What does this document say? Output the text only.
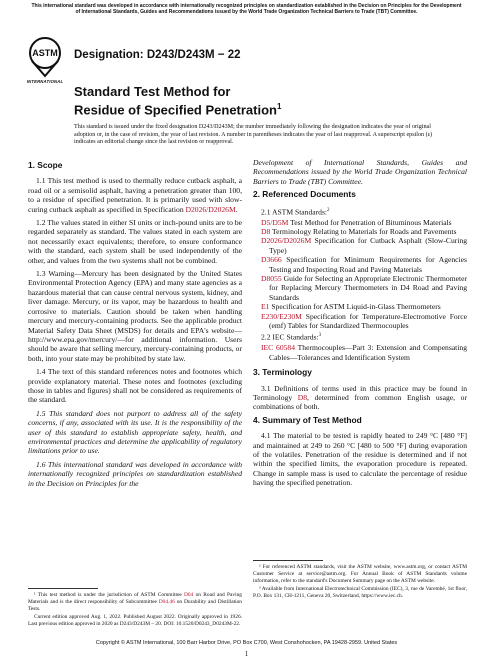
This international standard was developed in accordance with internationally recognized principles on standardization established in the Decision on Principles for the Development of International Standards, Guides and Recommendations issued by the World Trade Organization Technical Barriers to Trade (TBT) Committee.
ASTM
INTERNATIONAL
Designation: D243/D243M − 22
Standard Test Method for
Residue of Specified Penetration$^1$
This standard is issued under the fixed designation D243/D243M; the number immediately following the designation indicates the year of original adoption or, in the case of revision, the year of last revision. A number in parentheses indicates the year of last reapproval. A superscript epsilon (ε) indicates an editorial change since the last revision or reapproval.
1. Scope

1.1 This test method is used to thermally reduce cutback asphalt, a road oil or a semisolid asphalt, having a penetration greater than 100, to a residue of specified penetration. It is primarily used with slow-curing cutback asphalt as specified in Specification D2026/D2026M.

1.2 The values stated in either SI units or inch-pound units are to be regarded separately as standard. The values stated in each system are not necessarily exact equivalents; therefore, to ensure conformance with the standard, each system shall be used independently of the other, and values from the two systems shall not be combined.

1.3 Warning—Mercury has been designated by the United States Environmental Protection Agency (EPA) and many state agencies as a hazardous material that can cause central nervous system, kidney, and liver damage. Mercury, or its vapor, may be hazardous to health and corrosive to materials. Caution should be taken when handling mercury and mercury-containing products. See the applicable product Material Safety Data Sheet (MSDS) for details and EPA's website—http://www.epa.gov/mercury/—for additional information. Users should be aware that selling mercury, mercury-containing products, or both, into your state may be prohibited by state law.

1.4 The text of this standard references notes and footnotes which provide explanatory material. These notes and footnotes (excluding those in tables and figures) shall not be considered as requirements of the standard.

1.5 This standard does not purport to address all of the safety concerns, if any, associated with its use. It is the responsibility of the user of this standard to establish appropriate safety, health, and environmental practices and determine the applicability of regulatory limitations prior to use.

1.6 This international standard was developed in accordance with internationally recognized principles on standardization established in the Decision on Principles for the

Development of International Standards, Guides and Recommendations issued by the World Trade Organization Technical Barriers to Trade (TBT) Committee.

2. Referenced Documents

2.1 ASTM Standards:$^2$

D5/D5M Test Method for Penetration of Bituminous Materials
D8 Terminology Relating to Materials for Roads and Pavements
D2026/D2026M Specification for Cutback Asphalt (Slow-Curing Type)
D3666 Specification for Minimum Requirements for Agencies Testing and Inspecting Road and Paving Materials
D8055 Guide for Selecting an Appropriate Electronic Thermometer for Replacing Mercury Thermometers in D4 Road and Paving Standards
E1 Specification for ASTM Liquid-in-Glass Thermometers
E230/E230M Specification for Temperature-Electromotive Force (emf) Tables for Standardized Thermocouples

2.2 IEC Standards:$^3$

IEC 60584 Thermocouples—Part 3: Extension and Compensating Cables—Tolerances and Identification System
3. Terminology

3.1 Definitions of terms used in this practice may be found in Terminology D8, determined from common English usage, or combinations of both.

4. Summary of Test Method

4.1 The material to be tested is rapidly heated to 249 °C [480 °F] and maintained at 249 to 260 °C [480 to 500 °F] during evaporation of the volatiles. Penetration of the residue is determined and if not within the specified limits, the evaporation procedure is repeated. Change in sample mass is used to calculate the percentage of residue having the specified penetration.

¹ This test method is under the jurisdiction of ASTM Committee D04 on Road and Paving Materials and is the direct responsibility of Subcommittee D04.46 on Durability and Distillation Tests.

Current edition approved Aug. 1, 2022. Published August 2022. Originally approved in 1926. Last previous edition approved in 2020 as D243/D243M – 20. DOI: 10.1520/D0243_D0243M-22.

² For referenced ASTM standards, visit the ASTM website, www.astm.org, or contact ASTM Customer Service at service@astm.org. For Annual Book of ASTM Standards volume information, refer to the standard's Document Summary page on the ASTM website.

³ Available from International Electrotechnical Commission (IEC), 3, rue de Varembé, 1st floor, P.O. Box 131, CH-1211, Geneva 20, Switzerland, https://www.iec.ch.

Copyright © ASTM International, 100 Barr Harbor Drive, PO Box C700, West Conshohocken, PA 19428-2959. United States
1
